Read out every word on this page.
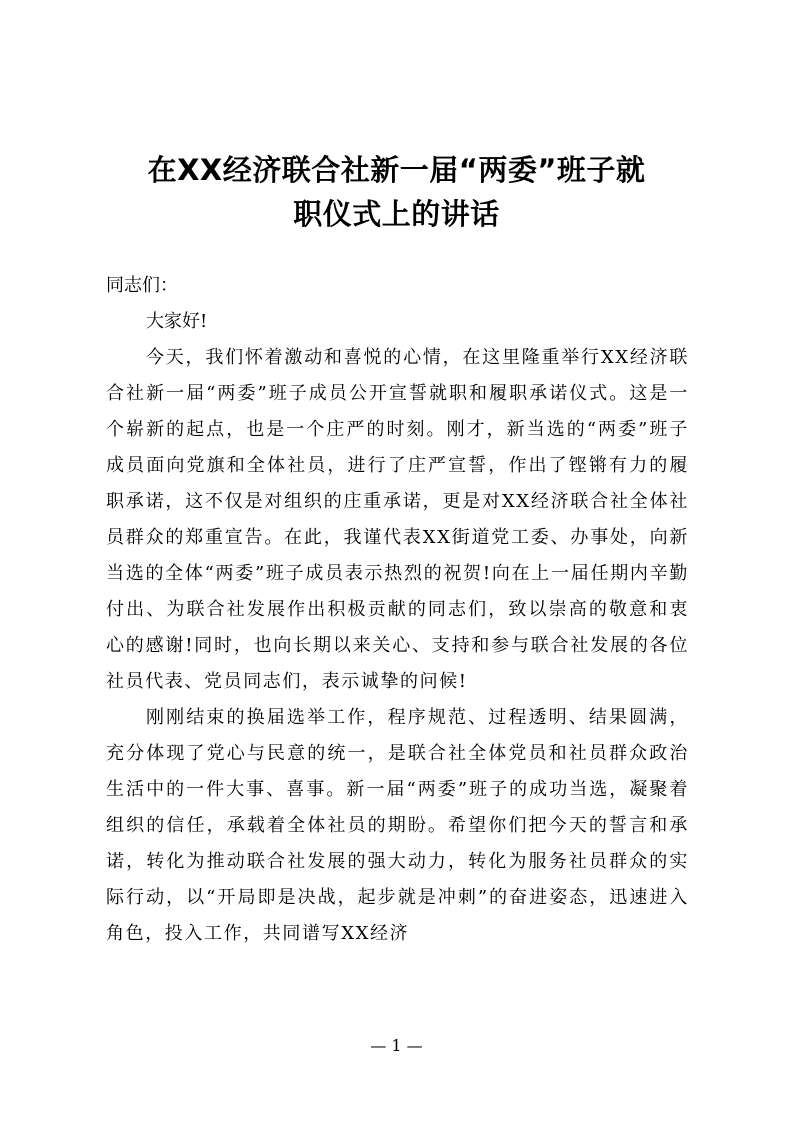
在XX经济联合社新一届“两委”班子就
职仪式上的讲话

同志们：

大家好!

今天，我们怀着激动和喜悦的心情，在这里隆重举行XX经济联合社新一届“两委”班子成员公开宣誓就职和履职承诺仪式。这是一个崭新的起点，也是一个庄严的时刻。刚才，新当选的“两委”班子成员面向党旗和全体社员，进行了庄严宣誓，作出了铿锵有力的履职承诺，这不仅是对组织的庄重承诺，更是对XX经济联合社全体社员群众的郑重宣告。在此，我谨代表XX街道党工委、办事处，向新当选的全体“两委”班子成员表示热烈的祝贺!向在上一届任期内辛勤付出、为联合社发展作出积极贡献的同志们，致以崇高的敬意和衷心的感谢!同时，也向长期以来关心、支持和参与联合社发展的各位社员代表、党员同志们，表示诚挚的问候!

刚刚结束的换届选举工作，程序规范、过程透明、结果圆满，充分体现了党心与民意的统一，是联合社全体党员和社员群众政治生活中的一件大事、喜事。新一届“两委”班子的成功当选，凝聚着组织的信任，承载着全体社员的期盼。希望你们把今天的誓言和承诺，转化为推动联合社发展的强大动力，转化为服务社员群众的实际行动，以“开局即是决战，起步就是冲刺”的奋进姿态，迅速进入角色，投入工作，共同谱写XX经济

— 1 —
